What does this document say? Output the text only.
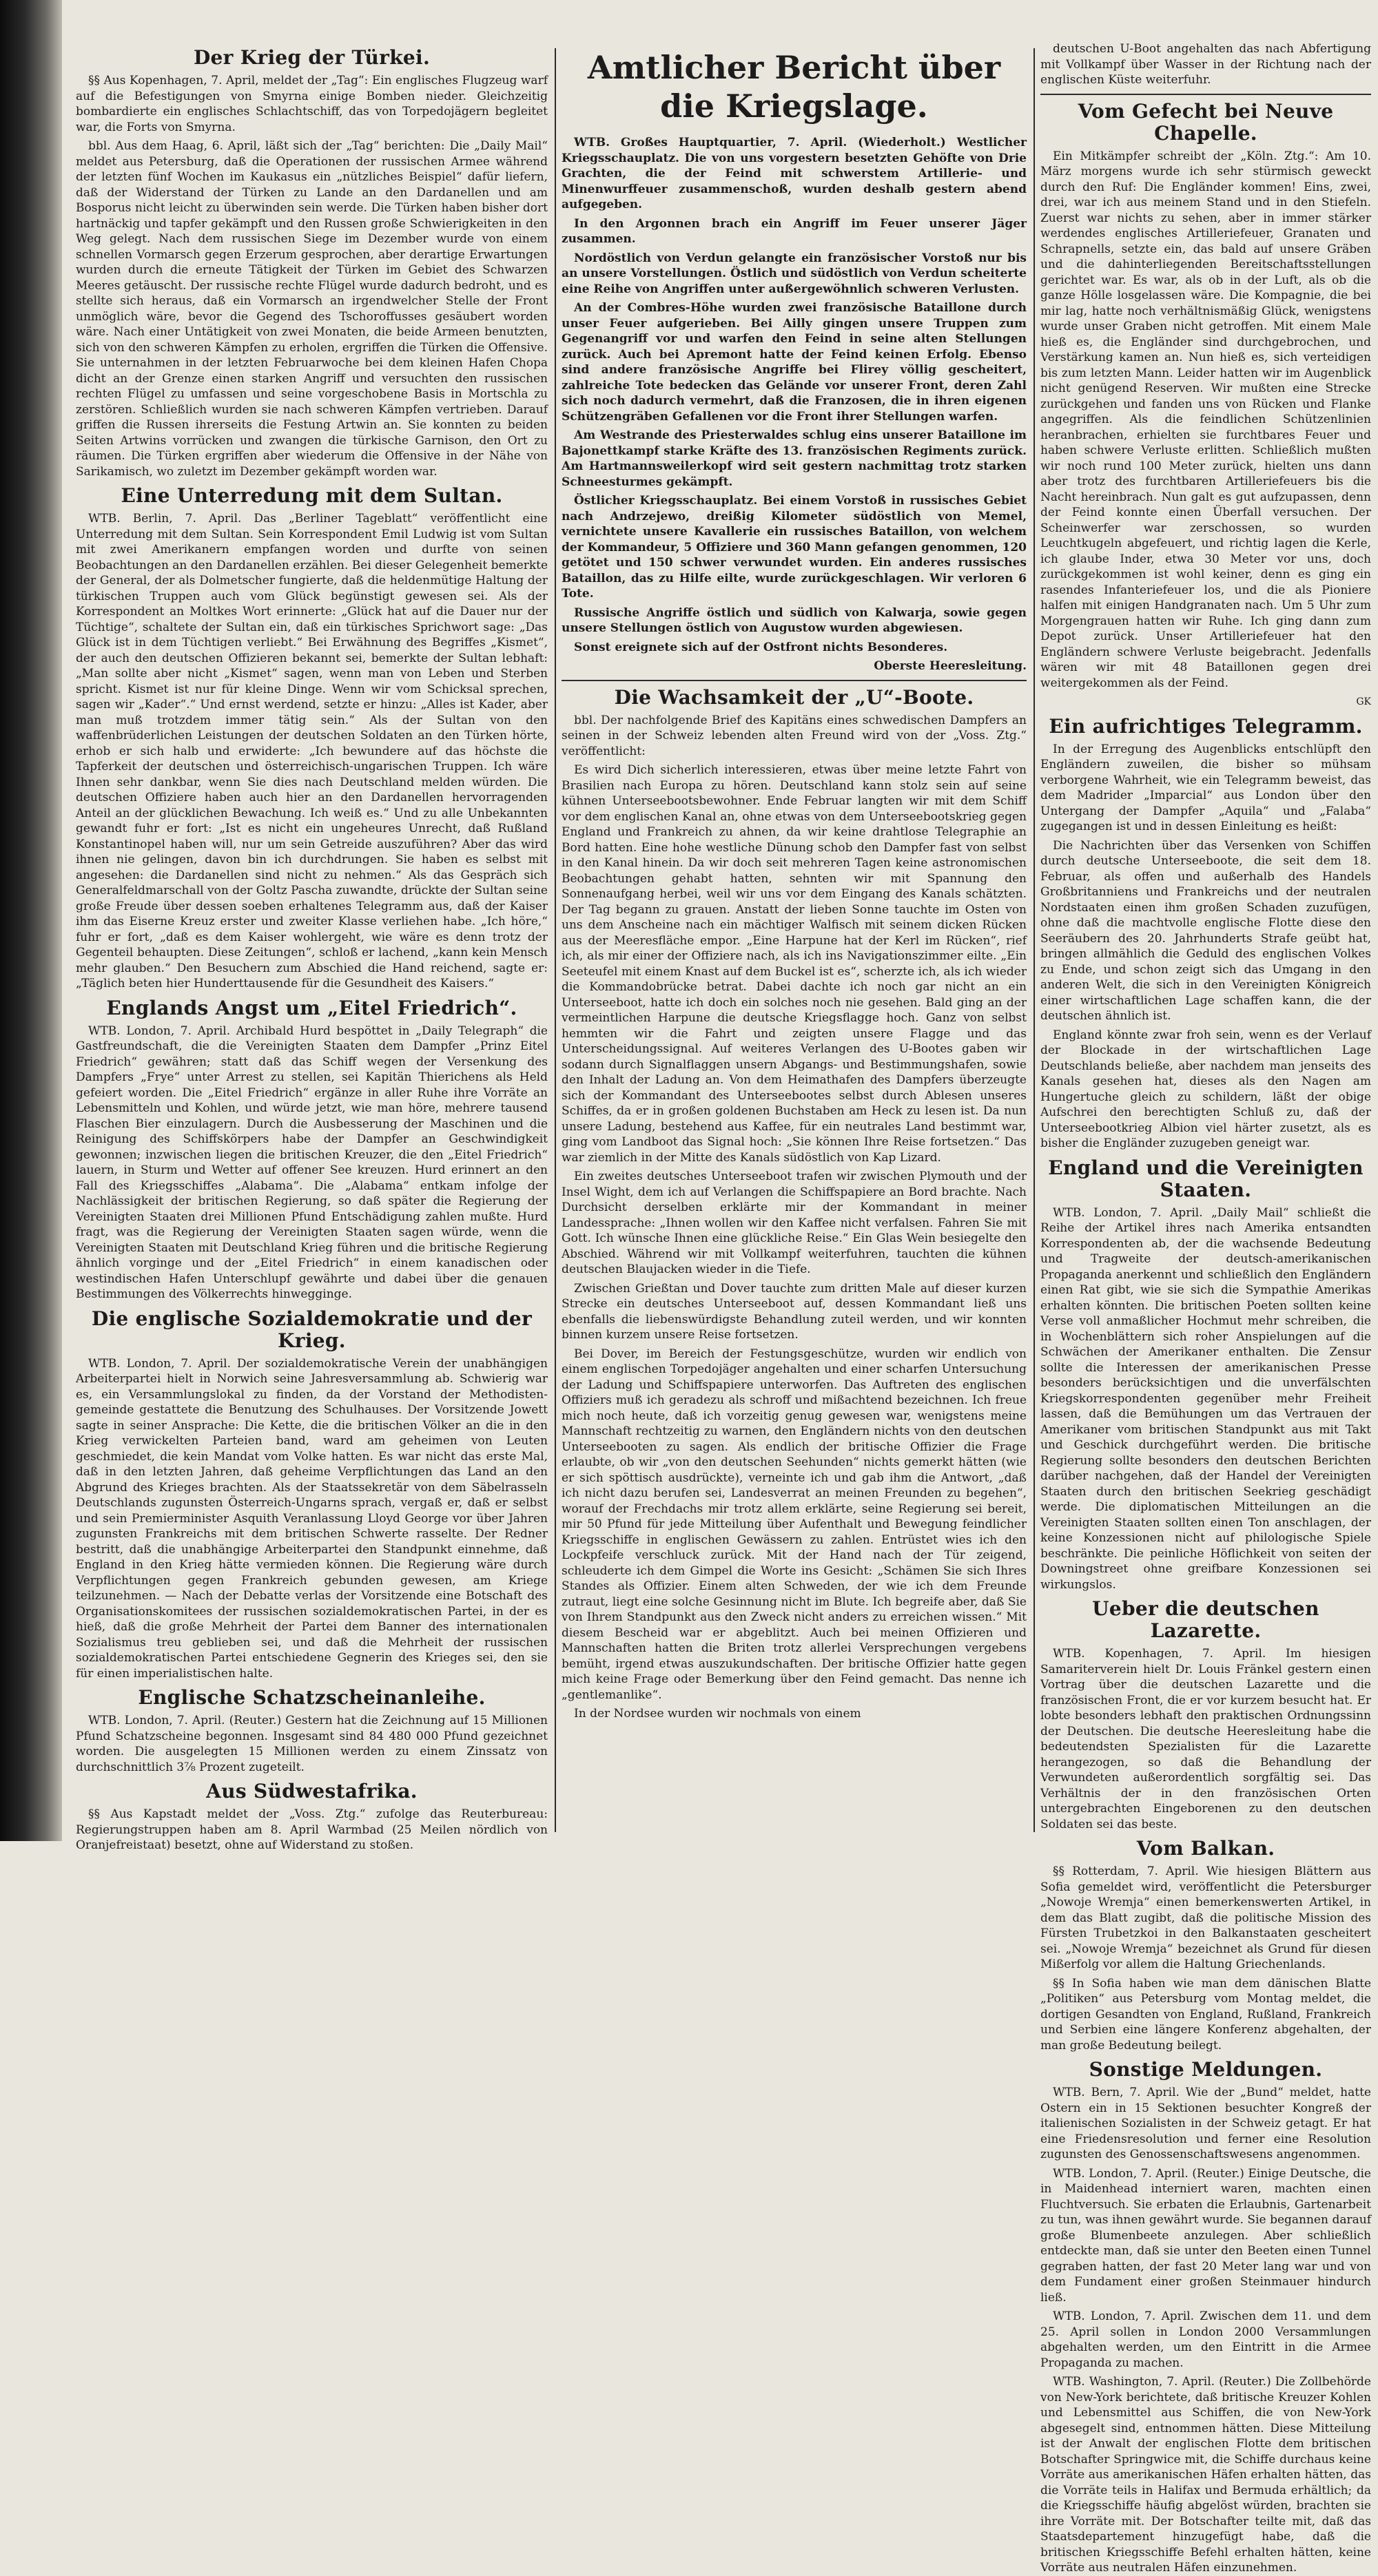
Der Krieg der Türkei.

§§ Aus Kopenhagen, 7. April, meldet der „Tag“: Ein englisches Flugzeug warf auf die Befestigungen von Smyrna einige Bomben nieder. Gleichzeitig bombardierte ein englisches Schlachtschiff, das von Torpedojägern begleitet war, die Forts von Smyrna.

bbl. Aus dem Haag, 6. April, läßt sich der „Tag“ berichten: Die „Daily Mail“ meldet aus Petersburg, daß die Operationen der russischen Armee während der letzten fünf Wochen im Kaukasus ein „nützliches Beispiel“ dafür liefern, daß der Widerstand der Türken zu Lande an den Dardanellen und am Bosporus nicht leicht zu überwinden sein werde. Die Türken haben bisher dort hartnäckig und tapfer gekämpft und den Russen große Schwierigkeiten in den Weg gelegt. Nach dem russischen Siege im Dezember wurde von einem schnellen Vormarsch gegen Erzerum gesprochen, aber derartige Erwartungen wurden durch die erneute Tätigkeit der Türken im Gebiet des Schwarzen Meeres getäuscht. Der russische rechte Flügel wurde dadurch bedroht, und es stellte sich heraus, daß ein Vormarsch an irgendwelcher Stelle der Front unmöglich wäre, bevor die Gegend des Tschoroffusses gesäubert worden wäre. Nach einer Untätigkeit von zwei Monaten, die beide Armeen benutzten, sich von den schweren Kämpfen zu erholen, ergriffen die Türken die Offensive. Sie unternahmen in der letzten Februarwoche bei dem kleinen Hafen Chopa dicht an der Grenze einen starken Angriff und versuchten den russischen rechten Flügel zu umfassen und seine vorgeschobene Basis in Mortschla zu zerstören. Schließlich wurden sie nach schweren Kämpfen vertrieben. Darauf griffen die Russen ihrerseits die Festung Artwin an. Sie konnten zu beiden Seiten Artwins vorrücken und zwangen die türkische Garnison, den Ort zu räumen. Die Türken ergriffen aber wiederum die Offensive in der Nähe von Sarikamisch, wo zuletzt im Dezember gekämpft worden war.

Eine Unterredung mit dem Sultan.

WTB. Berlin, 7. April. Das „Berliner Tageblatt“ veröffentlicht eine Unterredung mit dem Sultan. Sein Korrespondent Emil Ludwig ist vom Sultan mit zwei Amerikanern empfangen worden und durfte von seinen Beobachtungen an den Dardanellen erzählen. Bei dieser Gelegenheit bemerkte der General, der als Dolmetscher fungierte, daß die heldenmütige Haltung der türkischen Truppen auch vom Glück begünstigt gewesen sei. Als der Korrespondent an Moltkes Wort erinnerte: „Glück hat auf die Dauer nur der Tüchtige“, schaltete der Sultan ein, daß ein türkisches Sprichwort sage: „Das Glück ist in dem Tüchtigen verliebt.“ Bei Erwähnung des Begriffes „Kismet“, der auch den deutschen Offizieren bekannt sei, bemerkte der Sultan lebhaft: „Man sollte aber nicht „Kismet“ sagen, wenn man von Leben und Sterben spricht. Kismet ist nur für kleine Dinge. Wenn wir vom Schicksal sprechen, sagen wir „Kader“.“ Und ernst werdend, setzte er hinzu: „Alles ist Kader, aber man muß trotzdem immer tätig sein.“ Als der Sultan von den waffenbrüderlichen Leistungen der deutschen Soldaten an den Türken hörte, erhob er sich halb und erwiderte: „Ich bewundere auf das höchste die Tapferkeit der deutschen und österreichisch-ungarischen Truppen. Ich wäre Ihnen sehr dankbar, wenn Sie dies nach Deutschland melden würden. Die deutschen Offiziere haben auch hier an den Dardanellen hervorragenden Anteil an der glücklichen Bewachung. Ich weiß es.“ Und zu alle Unbekannten gewandt fuhr er fort: „Ist es nicht ein ungeheures Unrecht, daß Rußland Konstantinopel haben will, nur um sein Getreide auszuführen? Aber das wird ihnen nie gelingen, davon bin ich durchdrungen. Sie haben es selbst mit angesehen: die Dardanellen sind nicht zu nehmen.“ Als das Gespräch sich Generalfeldmarschall von der Goltz Pascha zuwandte, drückte der Sultan seine große Freude über dessen soeben erhaltenes Telegramm aus, daß der Kaiser ihm das Eiserne Kreuz erster und zweiter Klasse verliehen habe. „Ich höre,“ fuhr er fort, „daß es dem Kaiser wohlergeht, wie wäre es denn trotz der Gegenteil behaupten. Diese Zeitungen“, schloß er lachend, „kann kein Mensch mehr glauben.“ Den Besuchern zum Abschied die Hand reichend, sagte er: „Täglich beten hier Hunderttausende für die Gesundheit des Kaisers.“

Englands Angst um „Eitel Friedrich“.

WTB. London, 7. April. Archibald Hurd bespöttet in „Daily Telegraph“ die Gastfreundschaft, die die Vereinigten Staaten dem Dampfer „Prinz Eitel Friedrich“ gewähren; statt daß das Schiff wegen der Versenkung des Dampfers „Frye“ unter Arrest zu stellen, sei Kapitän Thierichens als Held gefeiert worden. Die „Eitel Friedrich“ ergänze in aller Ruhe ihre Vorräte an Lebensmitteln und Kohlen, und würde jetzt, wie man höre, mehrere tausend Flaschen Bier einzulagern. Durch die Ausbesserung der Maschinen und die Reinigung des Schiffskörpers habe der Dampfer an Geschwindigkeit gewonnen; inzwischen liegen die britischen Kreuzer, die den „Eitel Friedrich“ lauern, in Sturm und Wetter auf offener See kreuzen. Hurd erinnert an den Fall des Kriegsschiffes „Alabama“. Die „Alabama“ entkam infolge der Nachlässigkeit der britischen Regierung, so daß später die Regierung der Vereinigten Staaten drei Millionen Pfund Entschädigung zahlen mußte. Hurd fragt, was die Regierung der Vereinigten Staaten sagen würde, wenn die Vereinigten Staaten mit Deutschland Krieg führen und die britische Regierung ähnlich vorginge und der „Eitel Friedrich“ in einem kanadischen oder westindischen Hafen Unterschlupf gewährte und dabei über die genauen Bestimmungen des Völkerrechts hinwegginge.

Die englische Sozialdemokratie und der Krieg.

WTB. London, 7. April. Der sozialdemokratische Verein der unabhängigen Arbeiterpartei hielt in Norwich seine Jahresversammlung ab. Schwierig war es, ein Versammlungslokal zu finden, da der Vorstand der Methodisten-gemeinde gestattete die Benutzung des Schulhauses. Der Vorsitzende Jowett sagte in seiner Ansprache: Die Kette, die die britischen Völker an die in den Krieg verwickelten Parteien band, ward am geheimen von Leuten geschmiedet, die kein Mandat vom Volke hatten. Es war nicht das erste Mal, daß in den letzten Jahren, daß geheime Verpflichtungen das Land an den Abgrund des Krieges brachten. Als der Staatssekretär von dem Säbelrasseln Deutschlands zugunsten Österreich-Ungarns sprach, vergaß er, daß er selbst und sein Premierminister Asquith Veranlassung Lloyd George vor über Jahren zugunsten Frankreichs mit dem britischen Schwerte rasselte. Der Redner bestritt, daß die unabhängige Arbeiterpartei den Standpunkt einnehme, daß England in den Krieg hätte vermieden können. Die Regierung wäre durch Verpflichtungen gegen Frankreich gebunden gewesen, am Kriege teilzunehmen. — Nach der Debatte verlas der Vorsitzende eine Botschaft des Organisationskomitees der russischen sozialdemokratischen Partei, in der es hieß, daß die große Mehrheit der Partei dem Banner des internationalen Sozialismus treu geblieben sei, und daß die Mehrheit der russischen sozialdemokratischen Partei entschiedene Gegnerin des Krieges sei, den sie für einen imperialistischen halte.

Englische Schatzscheinanleihe.

WTB. London, 7. April. (Reuter.) Gestern hat die Zeichnung auf 15 Millionen Pfund Schatzscheine begonnen. Insgesamt sind 84 480 000 Pfund gezeichnet worden. Die ausgelegten 15 Millionen werden zu einem Zinssatz von durchschnittlich 3⅞ Prozent zugeteilt.

Aus Südwestafrika.

§§ Aus Kapstadt meldet der „Voss. Ztg.“ zufolge das Reuterbureau: Regierungstruppen haben am 8. April Warmbad (25 Meilen nördlich von Oranjefreistaat) besetzt, ohne auf Widerstand zu stoßen.

Amtlicher Bericht über die Kriegslage.

WTB. Großes Hauptquartier, 7. April. (Wiederholt.) Westlicher Kriegsschauplatz. Die von uns vorgestern besetzten Gehöfte von Drie Grachten, die der Feind mit schwerstem Artillerie- und Minenwurffeuer zusammenschoß, wurden deshalb gestern abend aufgegeben.

In den Argonnen brach ein Angriff im Feuer unserer Jäger zusammen.

Nordöstlich von Verdun gelangte ein französischer Vorstoß nur bis an unsere Vorstellungen. Östlich und südöstlich von Verdun scheiterte eine Reihe von Angriffen unter außergewöhnlich schweren Verlusten.

An der Combres-Höhe wurden zwei französische Bataillone durch unser Feuer aufgerieben. Bei Ailly gingen unsere Truppen zum Gegenangriff vor und warfen den Feind in seine alten Stellungen zurück. Auch bei Apremont hatte der Feind keinen Erfolg. Ebenso sind andere französische Angriffe bei Flirey völlig gescheitert, zahlreiche Tote bedecken das Gelände vor unserer Front, deren Zahl sich noch dadurch vermehrt, daß die Franzosen, die in ihren eigenen Schützengräben Gefallenen vor die Front ihrer Stellungen warfen.

Am Westrande des Priesterwaldes schlug eins unserer Bataillone im Bajonettkampf starke Kräfte des 13. französischen Regiments zurück. Am Hartmannsweilerkopf wird seit gestern nachmittag trotz starken Schneesturmes gekämpft.

Östlicher Kriegsschauplatz. Bei einem Vorstoß in russisches Gebiet nach Andrzejewo, dreißig Kilometer südöstlich von Memel, vernichtete unsere Kavallerie ein russisches Bataillon, von welchem der Kommandeur, 5 Offiziere und 360 Mann gefangen genommen, 120 getötet und 150 schwer verwundet wurden. Ein anderes russisches Bataillon, das zu Hilfe eilte, wurde zurückgeschlagen. Wir verloren 6 Tote.

Russische Angriffe östlich und südlich von Kalwarja, sowie gegen unsere Stellungen östlich von Augustow wurden abgewiesen.

Sonst ereignete sich auf der Ostfront nichts Besonderes.

Oberste Heeresleitung.
Die Wachsamkeit der „U“-Boote.

bbl. Der nachfolgende Brief des Kapitäns eines schwedischen Dampfers an seinen in der Schweiz lebenden alten Freund wird von der „Voss. Ztg.“ veröffentlicht:

Es wird Dich sicherlich interessieren, etwas über meine letzte Fahrt von Brasilien nach Europa zu hören. Deutschland kann stolz sein auf seine kühnen Unterseebootsbewohner. Ende Februar langten wir mit dem Schiff vor dem englischen Kanal an, ohne etwas von dem Unterseebootskrieg gegen England und Frankreich zu ahnen, da wir keine drahtlose Telegraphie an Bord hatten. Eine hohe westliche Dünung schob den Dampfer fast von selbst in den Kanal hinein. Da wir doch seit mehreren Tagen keine astronomischen Beobachtungen gehabt hatten, sehnten wir mit Spannung den Sonnenaufgang herbei, weil wir uns vor dem Eingang des Kanals schätzten. Der Tag begann zu grauen. Anstatt der lieben Sonne tauchte im Osten von uns dem Anscheine nach ein mächtiger Walfisch mit seinem dicken Rücken aus der Meeresfläche empor. „Eine Harpune hat der Kerl im Rücken“, rief ich, als mir einer der Offiziere nach, als ich ins Navigationszimmer eilte. „Ein Seeteufel mit einem Knast auf dem Buckel ist es“, scherzte ich, als ich wieder die Kommandobrücke betrat. Dabei dachte ich noch gar nicht an ein Unterseeboot, hatte ich doch ein solches noch nie gesehen. Bald ging an der vermeintlichen Harpune die deutsche Kriegsflagge hoch. Ganz von selbst hemmten wir die Fahrt und zeigten unsere Flagge und das Unterscheidungssignal. Auf weiteres Verlangen des U-Bootes gaben wir sodann durch Signalflaggen unsern Abgangs- und Bestimmungshafen, sowie den Inhalt der Ladung an. Von dem Heimathafen des Dampfers überzeugte sich der Kommandant des Unterseebootes selbst durch Ablesen unseres Schiffes, da er in großen goldenen Buchstaben am Heck zu lesen ist. Da nun unsere Ladung, bestehend aus Kaffee, für ein neutrales Land bestimmt war, ging vom Landboot das Signal hoch: „Sie können Ihre Reise fortsetzen.“ Das war ziemlich in der Mitte des Kanals südöstlich von Kap Lizard.

Ein zweites deutsches Unterseeboot trafen wir zwischen Plymouth und der Insel Wight, dem ich auf Verlangen die Schiffspapiere an Bord brachte. Nach Durchsicht derselben erklärte mir der Kommandant in meiner Landessprache: „Ihnen wollen wir den Kaffee nicht verfalsen. Fahren Sie mit Gott. Ich wünsche Ihnen eine glückliche Reise.“ Ein Glas Wein besiegelte den Abschied. Während wir mit Vollkampf weiterfuhren, tauchten die kühnen deutschen Blaujacken wieder in die Tiefe.

Zwischen Grießtan und Dover tauchte zum dritten Male auf dieser kurzen Strecke ein deutsches Unterseeboot auf, dessen Kommandant ließ uns ebenfalls die liebenswürdigste Behandlung zuteil werden, und wir konnten binnen kurzem unsere Reise fortsetzen.

Bei Dover, im Bereich der Festungsgeschütze, wurden wir endlich von einem englischen Torpedojäger angehalten und einer scharfen Untersuchung der Ladung und Schiffspapiere unterworfen. Das Auftreten des englischen Offiziers muß ich geradezu als schroff und mißachtend bezeichnen. Ich freue mich noch heute, daß ich vorzeitig genug gewesen war, wenigstens meine Mannschaft rechtzeitig zu warnen, den Engländern nichts von den deutschen Unterseebooten zu sagen. Als endlich der britische Offizier die Frage erlaubte, ob wir „von den deutschen Seehunden“ nichts gemerkt hätten (wie er sich spöttisch ausdrückte), verneinte ich und gab ihm die Antwort, „daß ich nicht dazu berufen sei, Landesverrat an meinen Freunden zu begehen“, worauf der Frechdachs mir trotz allem erklärte, seine Regierung sei bereit, mir 50 Pfund für jede Mitteilung über Aufenthalt und Bewegung feindlicher Kriegsschiffe in englischen Gewässern zu zahlen. Entrüstet wies ich den Lockpfeife verschluck zurück. Mit der Hand nach der Tür zeigend, schleuderte ich dem Gimpel die Worte ins Gesicht: „Schämen Sie sich Ihres Standes als Offizier. Einem alten Schweden, der wie ich dem Freunde zutraut, liegt eine solche Gesinnung nicht im Blute. Ich begreife aber, daß Sie von Ihrem Standpunkt aus den Zweck nicht anders zu erreichen wissen.“ Mit diesem Bescheid war er abgeblitzt. Auch bei meinen Offizieren und Mannschaften hatten die Briten trotz allerlei Versprechungen vergebens bemüht, irgend etwas auszukundschaften. Der britische Offizier hatte gegen mich keine Frage oder Bemerkung über den Feind gemacht. Das nenne ich „gentlemanlike“.

In der Nordsee wurden wir nochmals von einem

deutschen U-Boot angehalten das nach Abfertigung mit Vollkampf über Wasser in der Richtung nach der englischen Küste weiterfuhr.

Vom Gefecht bei Neuve Chapelle.

Ein Mitkämpfer schreibt der „Köln. Ztg.“: Am 10. März morgens wurde ich sehr stürmisch geweckt durch den Ruf: Die Engländer kommen! Eins, zwei, drei, war ich aus meinem Stand und in den Stiefeln. Zuerst war nichts zu sehen, aber in immer stärker werdendes englisches Artilleriefeuer, Granaten und Schrapnells, setzte ein, das bald auf unsere Gräben und die dahinterliegenden Bereitschaftsstellungen gerichtet war. Es war, als ob in der Luft, als ob die ganze Hölle losgelassen wäre. Die Kompagnie, die bei mir lag, hatte noch verhältnismäßig Glück, wenigstens wurde unser Graben nicht getroffen. Mit einem Male hieß es, die Engländer sind durchgebrochen, und Verstärkung kamen an. Nun hieß es, sich verteidigen bis zum letzten Mann. Leider hatten wir im Augenblick nicht genügend Reserven. Wir mußten eine Strecke zurückgehen und fanden uns von Rücken und Flanke angegriffen. Als die feindlichen Schützenlinien heranbrachen, erhielten sie furchtbares Feuer und haben schwere Verluste erlitten. Schließlich mußten wir noch rund 100 Meter zurück, hielten uns dann aber trotz des furchtbaren Artilleriefeuers bis die Nacht hereinbrach. Nun galt es gut aufzupassen, denn der Feind konnte einen Überfall versuchen. Der Scheinwerfer war zerschossen, so wurden Leuchtkugeln abgefeuert, und richtig lagen die Kerle, ich glaube Inder, etwa 30 Meter vor uns, doch zurückgekommen ist wohl keiner, denn es ging ein rasendes Infanteriefeuer los, und die als Pioniere halfen mit einigen Handgranaten nach. Um 5 Uhr zum Morgengrauen hatten wir Ruhe. Ich ging dann zum Depot zurück. Unser Artilleriefeuer hat den Engländern schwere Verluste beigebracht. Jedenfalls wären wir mit 48 Bataillonen gegen drei weitergekommen als der Feind.

GK
Ein aufrichtiges Telegramm.

In der Erregung des Augenblicks entschlüpft den Engländern zuweilen, die bisher so mühsam verborgene Wahrheit, wie ein Telegramm beweist, das dem Madrider „Imparcial“ aus London über den Untergang der Dampfer „Aquila“ und „Falaba“ zugegangen ist und in dessen Einleitung es heißt:

Die Nachrichten über das Versenken von Schiffen durch deutsche Unterseeboote, die seit dem 18. Februar, als offen und außerhalb des Handels Großbritanniens und Frankreichs und der neutralen Nordstaaten einen ihm großen Schaden zuzufügen, ohne daß die machtvolle englische Flotte diese den Seeräubern des 20. Jahrhunderts Strafe geübt hat, bringen allmählich die Geduld des englischen Volkes zu Ende, und schon zeigt sich das Umgang in den anderen Welt, die sich in den Vereinigten Königreich einer wirtschaftlichen Lage schaffen kann, die der deutschen ähnlich ist.

England könnte zwar froh sein, wenn es der Verlauf der Blockade in der wirtschaftlichen Lage Deutschlands beließe, aber nachdem man jenseits des Kanals gesehen hat, dieses als den Nagen am Hungertuche gleich zu schildern, läßt der obige Aufschrei den berechtigten Schluß zu, daß der Unterseebootkrieg Albion viel härter zusetzt, als es bisher die Engländer zuzugeben geneigt war.

England und die Vereinigten Staaten.

WTB. London, 7. April. „Daily Mail“ schließt die Reihe der Artikel ihres nach Amerika entsandten Korrespondenten ab, der die wachsende Bedeutung und Tragweite der deutsch-amerikanischen Propaganda anerkennt und schließlich den Engländern einen Rat gibt, wie sie sich die Sympathie Amerikas erhalten könnten. Die britischen Poeten sollten keine Verse voll anmaßlicher Hochmut mehr schreiben, die in Wochenblättern sich roher Anspielungen auf die Schwächen der Amerikaner enthalten. Die Zensur sollte die Interessen der amerikanischen Presse besonders berücksichtigen und die unverfälschten Kriegskorrespondenten gegenüber mehr Freiheit lassen, daß die Bemühungen um das Vertrauen der Amerikaner vom britischen Standpunkt aus mit Takt und Geschick durchgeführt werden. Die britische Regierung sollte besonders den deutschen Berichten darüber nachgehen, daß der Handel der Vereinigten Staaten durch den britischen Seekrieg geschädigt werde. Die diplomatischen Mitteilungen an die Vereinigten Staaten sollten einen Ton anschlagen, der keine Konzessionen nicht auf philologische Spiele beschränkte. Die peinliche Höflichkeit von seiten der Downingstreet ohne greifbare Konzessionen sei wirkungslos.

Ueber die deutschen Lazarette.

WTB. Kopenhagen, 7. April. Im hiesigen Samariterverein hielt Dr. Louis Fränkel gestern einen Vortrag über die deutschen Lazarette und die französischen Front, die er vor kurzem besucht hat. Er lobte besonders lebhaft den praktischen Ordnungssinn der Deutschen. Die deutsche Heeresleitung habe die bedeutendsten Spezialisten für die Lazarette herangezogen, so daß die Behandlung der Verwundeten außerordentlich sorgfältig sei. Das Verhältnis der in den französischen Orten untergebrachten Eingeborenen zu den deutschen Soldaten sei das beste.

Vom Balkan.

§§ Rotterdam, 7. April. Wie hiesigen Blättern aus Sofia gemeldet wird, veröffentlicht die Petersburger „Nowoje Wremja“ einen bemerkenswerten Artikel, in dem das Blatt zugibt, daß die politische Mission des Fürsten Trubetzkoi in den Balkanstaaten gescheitert sei. „Nowoje Wremja“ bezeichnet als Grund für diesen Mißerfolg vor allem die Haltung Griechenlands.

§§ In Sofia haben wie man dem dänischen Blatte „Politiken“ aus Petersburg vom Montag meldet, die dortigen Gesandten von England, Rußland, Frankreich und Serbien eine längere Konferenz abgehalten, der man große Bedeutung beilegt.

Sonstige Meldungen.

WTB. Bern, 7. April. Wie der „Bund“ meldet, hatte Ostern ein in 15 Sektionen besuchter Kongreß der italienischen Sozialisten in der Schweiz getagt. Er hat eine Friedensresolution und ferner eine Resolution zugunsten des Genossenschaftswesens angenommen.

WTB. London, 7. April. (Reuter.) Einige Deutsche, die in Maidenhead interniert waren, machten einen Fluchtversuch. Sie erbaten die Erlaubnis, Gartenarbeit zu tun, was ihnen gewährt wurde. Sie begannen darauf große Blumenbeete anzulegen. Aber schließlich entdeckte man, daß sie unter den Beeten einen Tunnel gegraben hatten, der fast 20 Meter lang war und von dem Fundament einer großen Steinmauer hindurch ließ.

WTB. London, 7. April. Zwischen dem 11. und dem 25. April sollen in London 2000 Versammlungen abgehalten werden, um den Eintritt in die Armee Propaganda zu machen.

WTB. Washington, 7. April. (Reuter.) Die Zollbehörde von New-York berichtete, daß britische Kreuzer Kohlen und Lebensmittel aus Schiffen, die von New-York abgesegelt sind, entnommen hätten. Diese Mitteilung ist der Anwalt der englischen Flotte dem britischen Botschafter Springwice mit, die Schiffe durchaus keine Vorräte aus amerikanischen Häfen erhalten hätten, das die Vorräte teils in Halifax und Bermuda erhältlich; da die Kriegsschiffe häufig abgelöst würden, brachten sie ihre Vorräte mit. Der Botschafter teilte mit, daß das Staatsdepartement hinzugefügt habe, daß die britischen Kriegsschiffe Befehl erhalten hätten, keine Vorräte aus neutralen Häfen einzunehmen.
